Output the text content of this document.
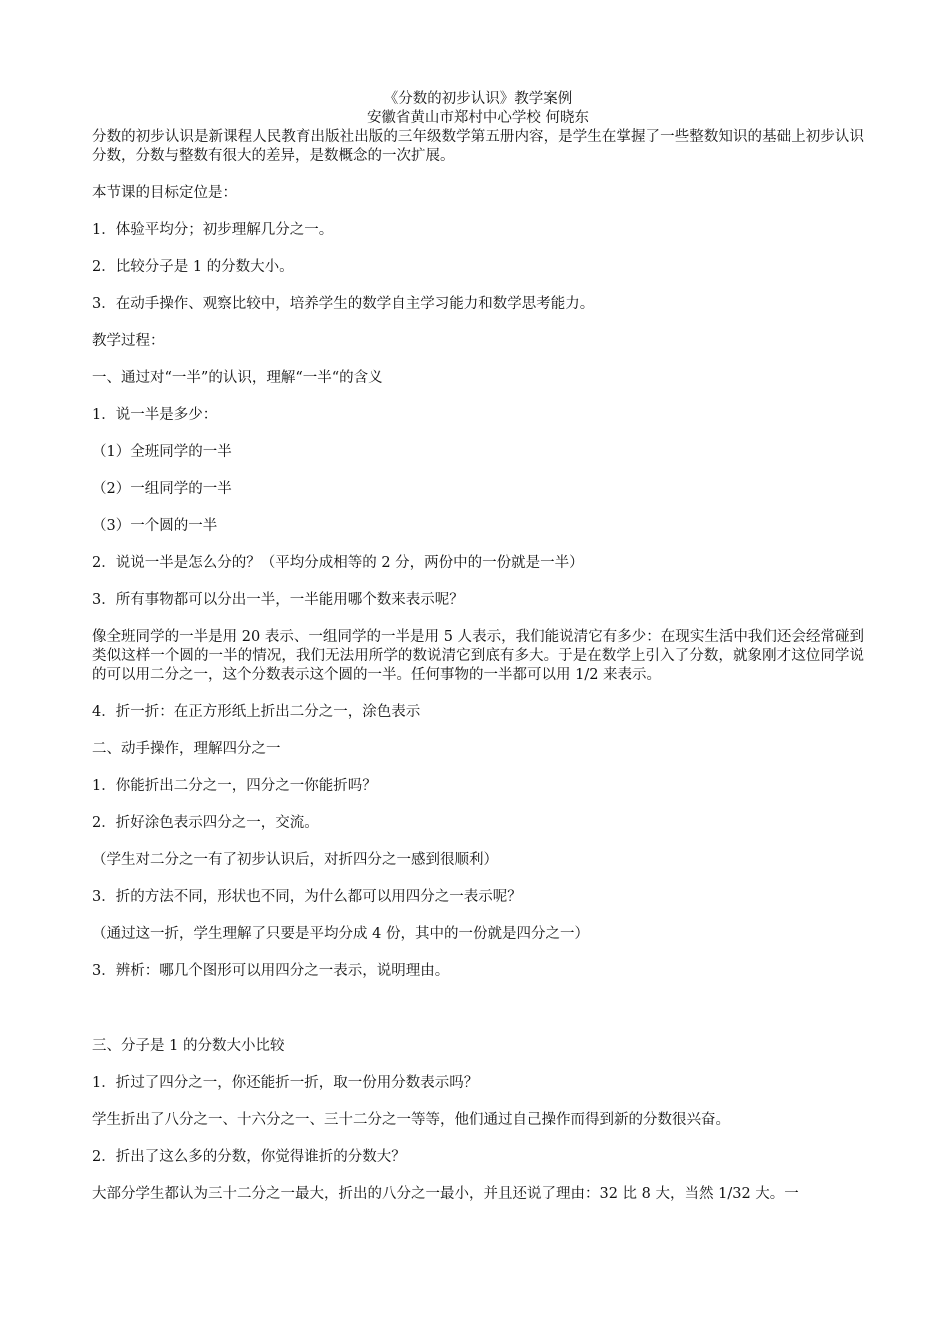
《分数的初步认识》教学案例

安徽省黄山市郑村中心学校 何晓东

分数的初步认识是新课程人民教育出版社出版的三年级数学第五册内容，是学生在掌握了一些整数知识的基础上初步认识分数，分数与整数有很大的差异，是数概念的一次扩展。

本节课的目标定位是：

1．体验平均分；初步理解几分之一。

2．比较分子是 1 的分数大小。

3．在动手操作、观察比较中，培养学生的数学自主学习能力和数学思考能力。

教学过程：

一、通过对“一半”的认识，理解“一半“的含义

1．说一半是多少：

（1）全班同学的一半

（2）一组同学的一半

（3）一个圆的一半

2．说说一半是怎么分的？（平均分成相等的 2 分，两份中的一份就是一半）

3．所有事物都可以分出一半，一半能用哪个数来表示呢？

像全班同学的一半是用 20 表示、一组同学的一半是用 5 人表示，我们能说清它有多少：在现实生活中我们还会经常碰到类似这样一个圆的一半的情况，我们无法用所学的数说清它到底有多大。于是在数学上引入了分数，就象刚才这位同学说的可以用二分之一，这个分数表示这个圆的一半。任何事物的一半都可以用 1/2 来表示。

4．折一折：在正方形纸上折出二分之一，涂色表示

二、动手操作，理解四分之一

1．你能折出二分之一，四分之一你能折吗？

2．折好涂色表示四分之一，交流。

（学生对二分之一有了初步认识后，对折四分之一感到很顺利）

3．折的方法不同，形状也不同，为什么都可以用四分之一表示呢？

（通过这一折，学生理解了只要是平均分成 4 份，其中的一份就是四分之一）

3．辨析：哪几个图形可以用四分之一表示，说明理由。

三、分子是 1 的分数大小比较

1．折过了四分之一，你还能折一折，取一份用分数表示吗？

学生折出了八分之一、十六分之一、三十二分之一等等，他们通过自己操作而得到新的分数很兴奋。

2．折出了这么多的分数，你觉得谁折的分数大？

大部分学生都认为三十二分之一最大，折出的八分之一最小，并且还说了理由：32 比 8 大，当然 1/32 大。一
